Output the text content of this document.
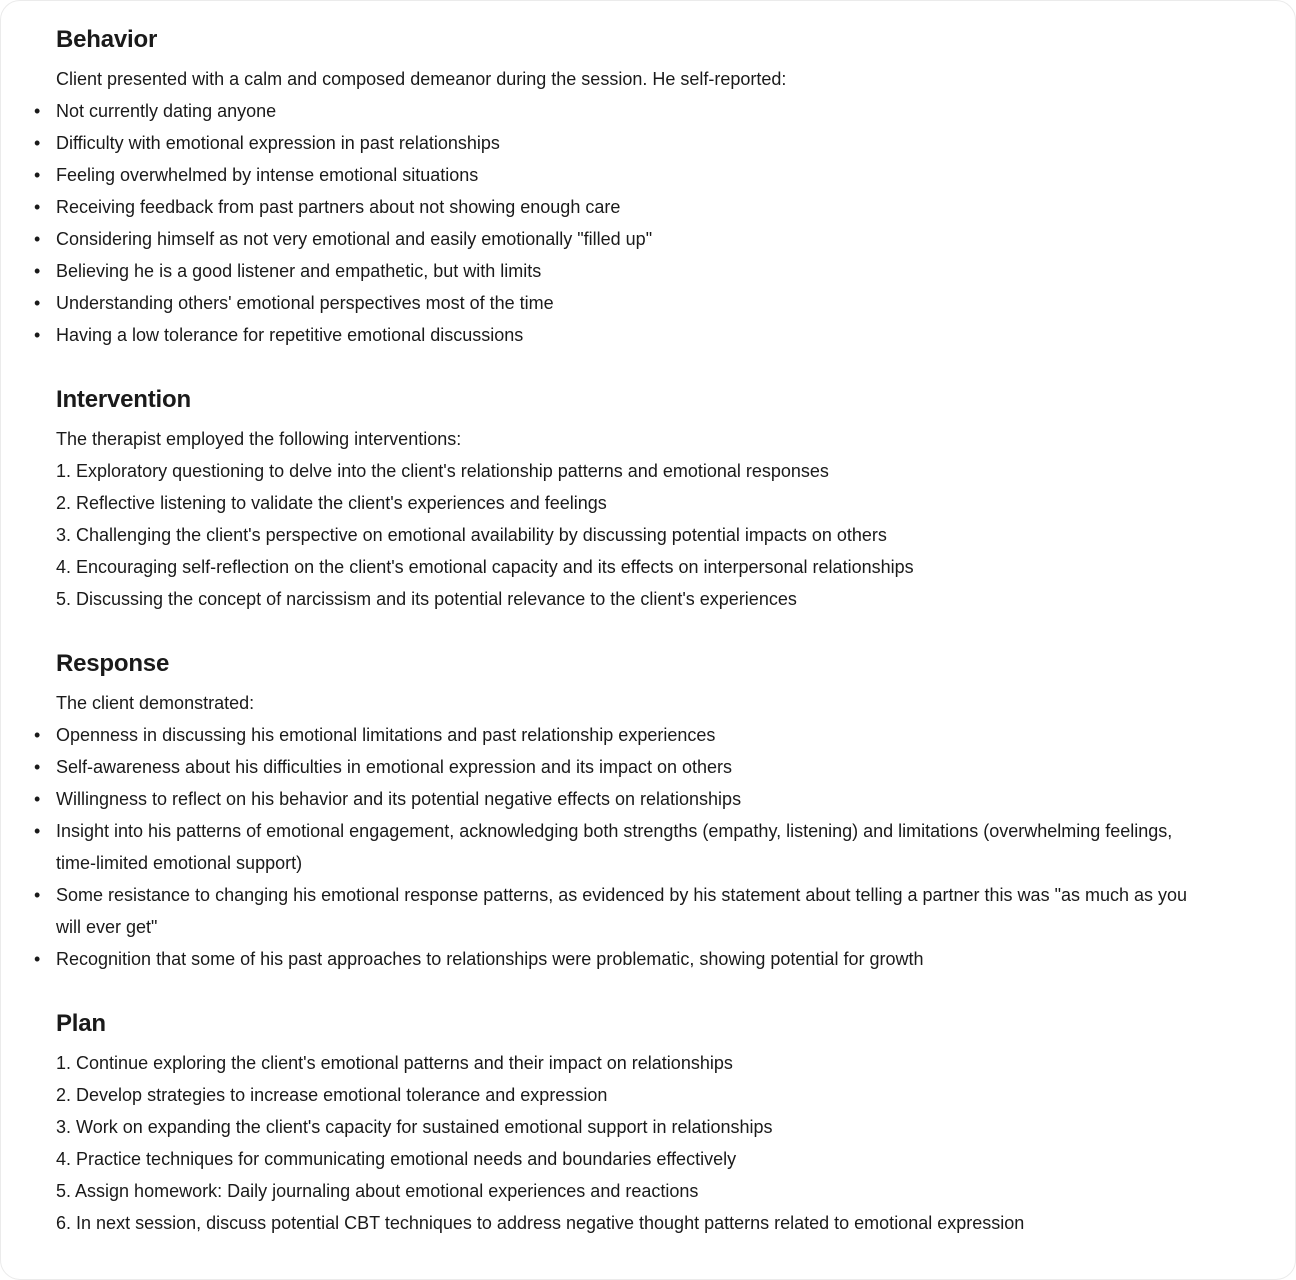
Behavior

Client presented with a calm and composed demeanor during the session. He self-reported:

• Not currently dating anyone
• Difficulty with emotional expression in past relationships
• Feeling overwhelmed by intense emotional situations
• Receiving feedback from past partners about not showing enough care
• Considering himself as not very emotional and easily emotionally "filled up"
• Believing he is a good listener and empathetic, but with limits
• Understanding others' emotional perspectives most of the time
• Having a low tolerance for repetitive emotional discussions
Intervention

The therapist employed the following interventions:

Exploratory questioning to delve into the client's relationship patterns and emotional responses
Reflective listening to validate the client's experiences and feelings
Challenging the client's perspective on emotional availability by discussing potential impacts on others
Encouraging self-reflection on the client's emotional capacity and its effects on interpersonal relationships
Discussing the concept of narcissism and its potential relevance to the client's experiences
Response

The client demonstrated:

• Openness in discussing his emotional limitations and past relationship experiences
• Self-awareness about his difficulties in emotional expression and its impact on others
• Willingness to reflect on his behavior and its potential negative effects on relationships
• Insight into his patterns of emotional engagement, acknowledging both strengths (empathy, listening) and limitations (overwhelming feelings, time-limited emotional support)
• Some resistance to changing his emotional response patterns, as evidenced by his statement about telling a partner this was "as much as you will ever get"
• Recognition that some of his past approaches to relationships were problematic, showing potential for growth
Plan
Continue exploring the client's emotional patterns and their impact on relationships
Develop strategies to increase emotional tolerance and expression
Work on expanding the client's capacity for sustained emotional support in relationships
Practice techniques for communicating emotional needs and boundaries effectively
Assign homework: Daily journaling about emotional experiences and reactions
In next session, discuss potential CBT techniques to address negative thought patterns related to emotional expression
